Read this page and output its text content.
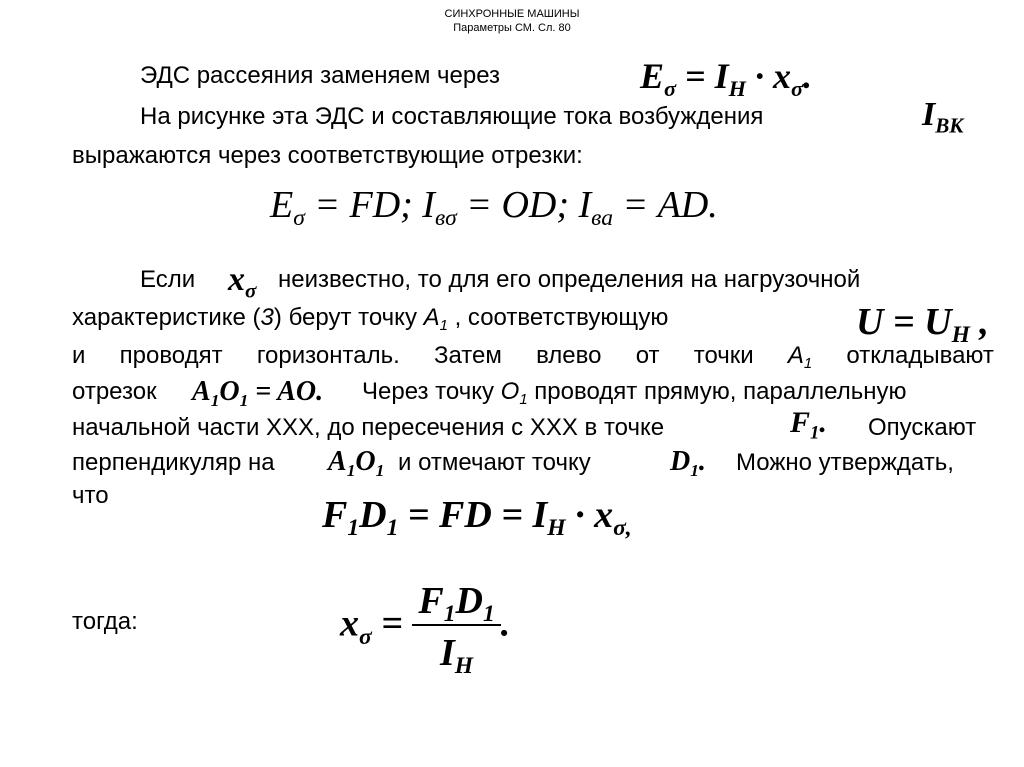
СИНХРОННЫЕ МАШИНЫ
Параметры СМ. Сл. 80
ЭДС рассеяния заменяем через	$E_\sigma = I_Н \cdot x_\sigma$.
На рисунке эта ЭДС и составляющие тока возбуждения	$I_{ВК}$
выражаются через соответствующие отрезки:
$E_\sigma$ = FD; $I_{в\sigma}$ = OD; $I_{ва}$ = AD.
Если $x_\sigma$ неизвестно, то для его определения на нагрузочной
характеристике (3) берут точку $A_1$ , соответствующую	$U = U_Н$ ,
и проводят горизонталь. Затем влево от точки $A_1$ откладывают
отрезок $A_1O_1$ = AO. Через точку $O_1$ проводят прямую, параллельную
начальной части ХХХ, до пересечения с ХХХ в точке	$F_1$. Опускают
перпендикуляр на $A_1O_1$ и отмечают точку	$D_1$. Можно утверждать,
что	$F_1D_1$ = FD = $I_Н \cdot x_{\sigma,}$
тогда:	$x_\sigma = \frac{F_1D_1}{I_Н}$ .
